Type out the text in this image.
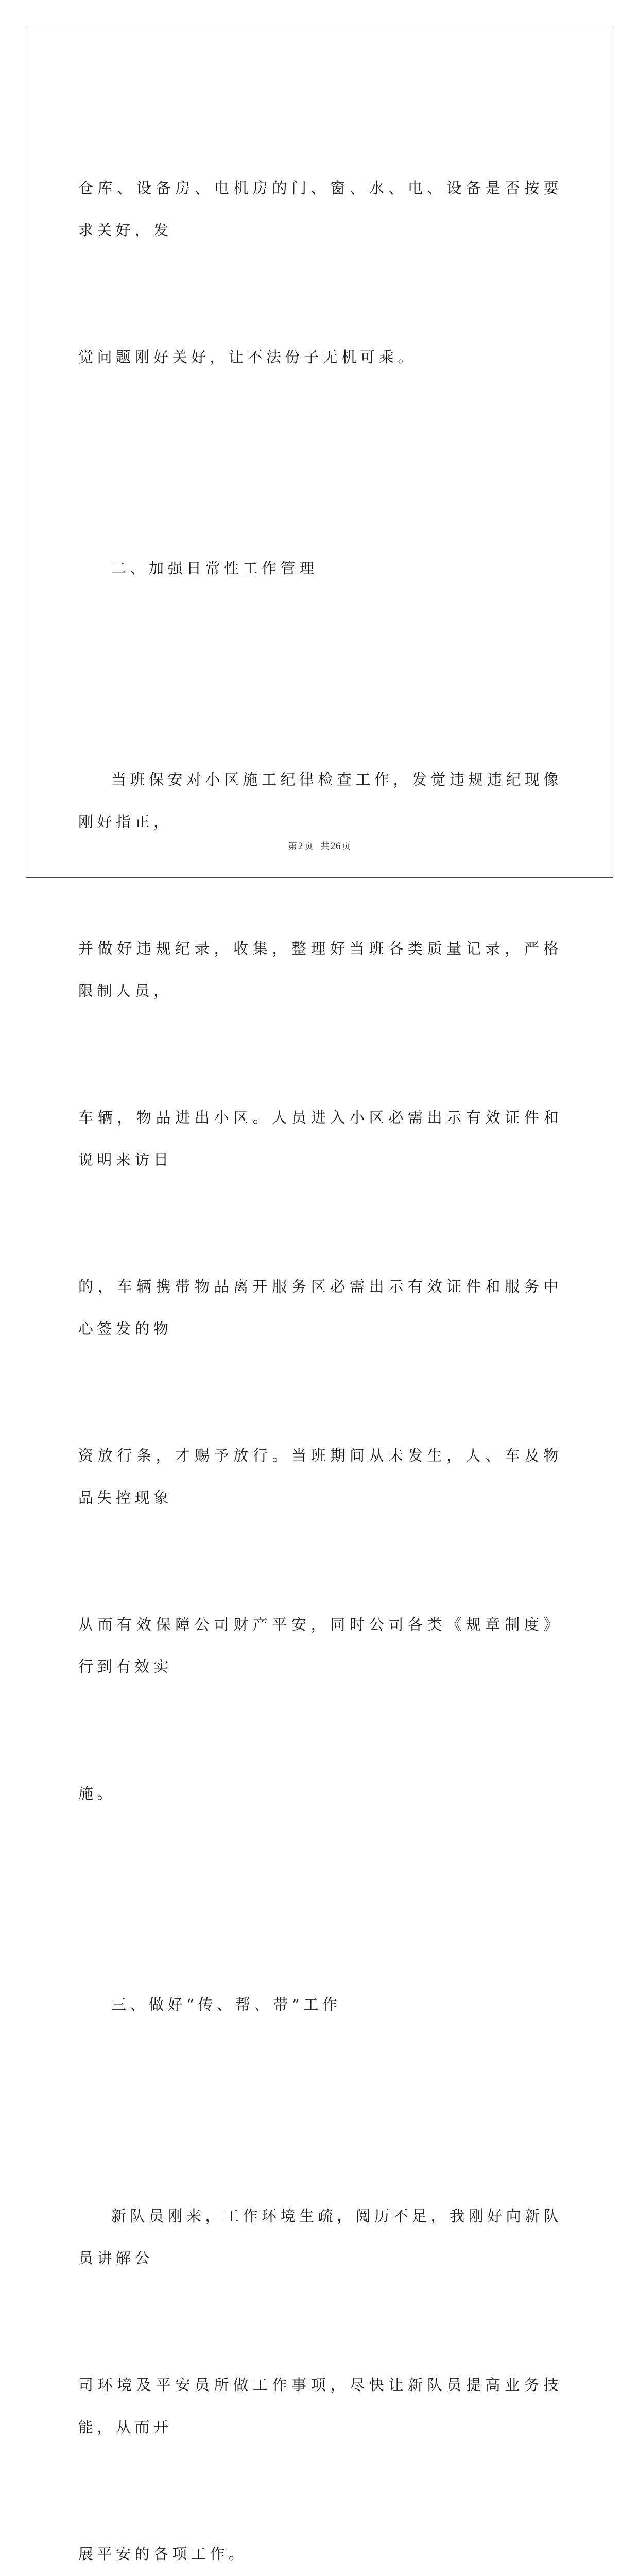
仓库、设备房、电机房的门、窗、水、电、设备是否按要求关好，发

觉问题刚好关好，让不法份子无机可乘。

二、加强日常性工作管理

当班保安对小区施工纪律检查工作，发觉违规违纪现像刚好指正，

并做好违规纪录，收集，整理好当班各类质量记录，严格限制人员，

车辆，物品进出小区。人员进入小区必需出示有效证件和说明来访目

的，车辆携带物品离开服务区必需出示有效证件和服务中心签发的物

资放行条，才赐予放行。当班期间从未发生，人、车及物品失控现象

从而有效保障公司财产平安，同时公司各类《规章制度》行到有效实

施。

三、做好“传、帮、带”工作

新队员刚来，工作环境生疏，阅历不足，我刚好向新队员讲解公

司环境及平安员所做工作事项，尽快让新队员提高业务技能，从而开

展平安的各项工作。

第 2 页 共 26 页
